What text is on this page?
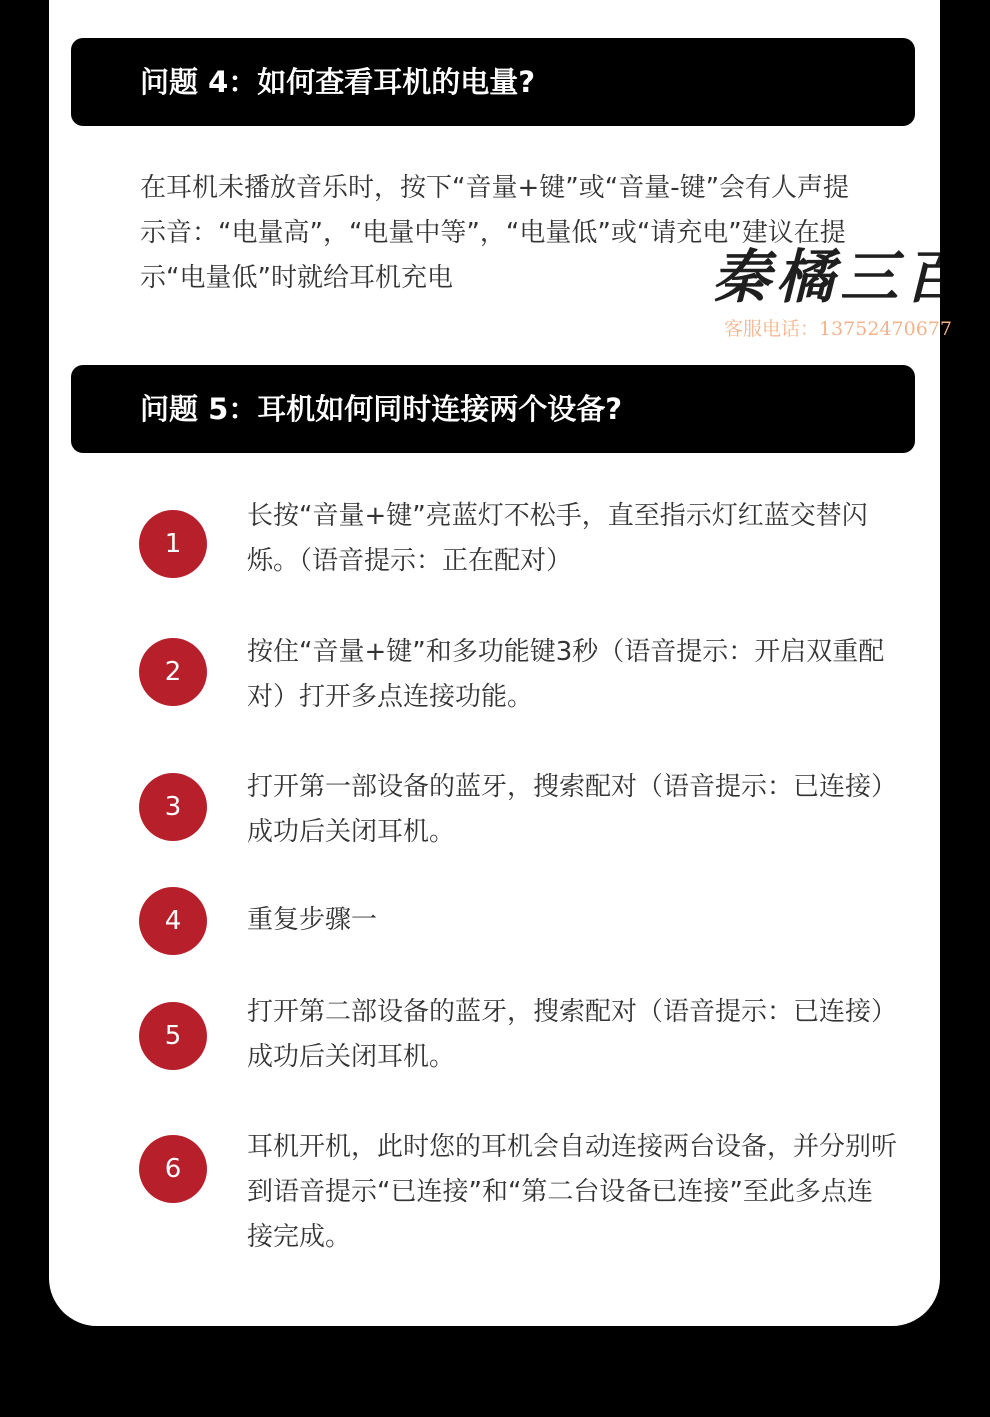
问题 4：如何查看耳机的电量?

在耳机未播放音乐时，按下“音量+键”或“音量-键”会有人声提示音：“电量高”，“电量中等”，“电量低”或“请充电”建议在提示“电量低”时就给耳机充电	秦橘三百
客服电话：13752470677
问题 5：耳机如何同时连接两个设备?
1

长按“音量+键”亮蓝灯不松手，直至指示灯红蓝交替闪烁。（语音提示：正在配对）

2

按住“音量+键”和多功能键3秒（语音提示：开启双重配对）打开多点连接功能。

3

打开第一部设备的蓝牙，搜索配对（语音提示：已连接）成功后关闭耳机。

4	重复步骤一

5

打开第二部设备的蓝牙，搜索配对（语音提示：已连接）成功后关闭耳机。

6

耳机开机，此时您的耳机会自动连接两台设备，并分别听到语音提示“已连接”和“第二台设备已连接”至此多点连接完成。
